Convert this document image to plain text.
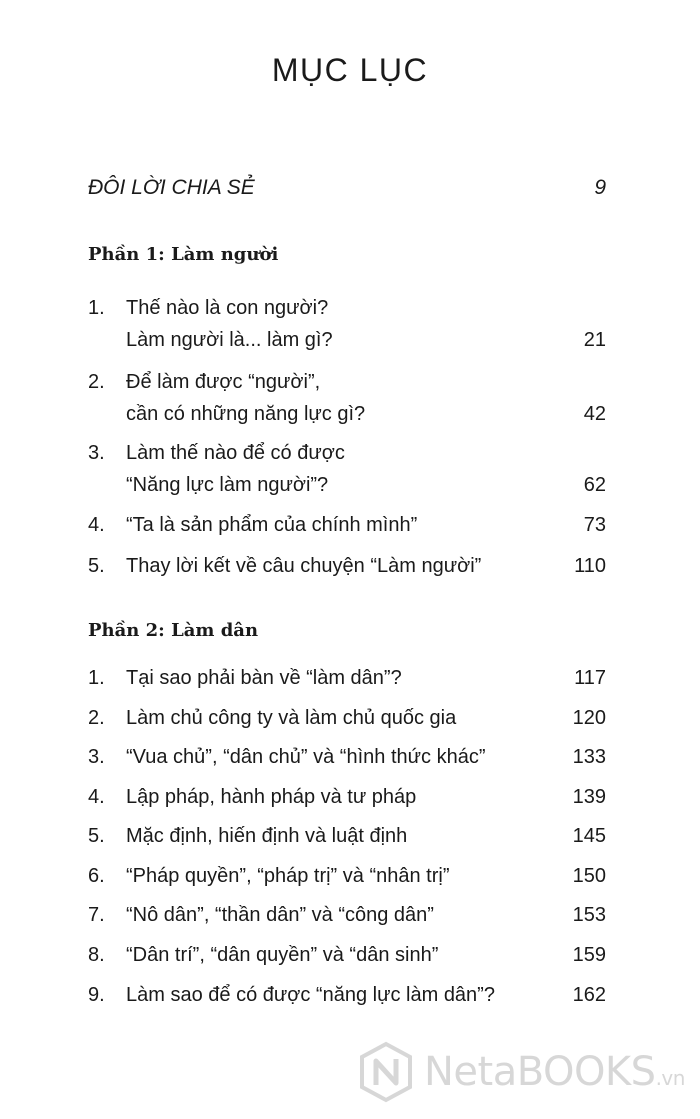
MỤC LỤC
ĐÔI LỜI CHIA SẺ	9
Phần 1: Làm người
1. Thế nào là con người?
Làm người là... làm gì?	21
2. Để làm được “người”,
cần có những năng lực gì?	42
3. Làm thế nào để có được
“Năng lực làm người”?	62
4. “Ta là sản phẩm của chính mình”	73
5. Thay lời kết về câu chuyện “Làm người”	110
Phần 2: Làm dân
1. Tại sao phải bàn về “làm dân”?	117
2. Làm chủ công ty và làm chủ quốc gia	120
3. “Vua chủ”, “dân chủ” và “hình thức khác”	133
4. Lập pháp, hành pháp và tư pháp	139
5. Mặc định, hiến định và luật định	145
6. “Pháp quyền”, “pháp trị” và “nhân trị”	150
7. “Nô dân”, “thần dân” và “công dân”	153
8. “Dân trí”, “dân quyền” và “dân sinh”	159
9. Làm sao để có được “năng lực làm dân”?	162
NetaBOOKS.vn
